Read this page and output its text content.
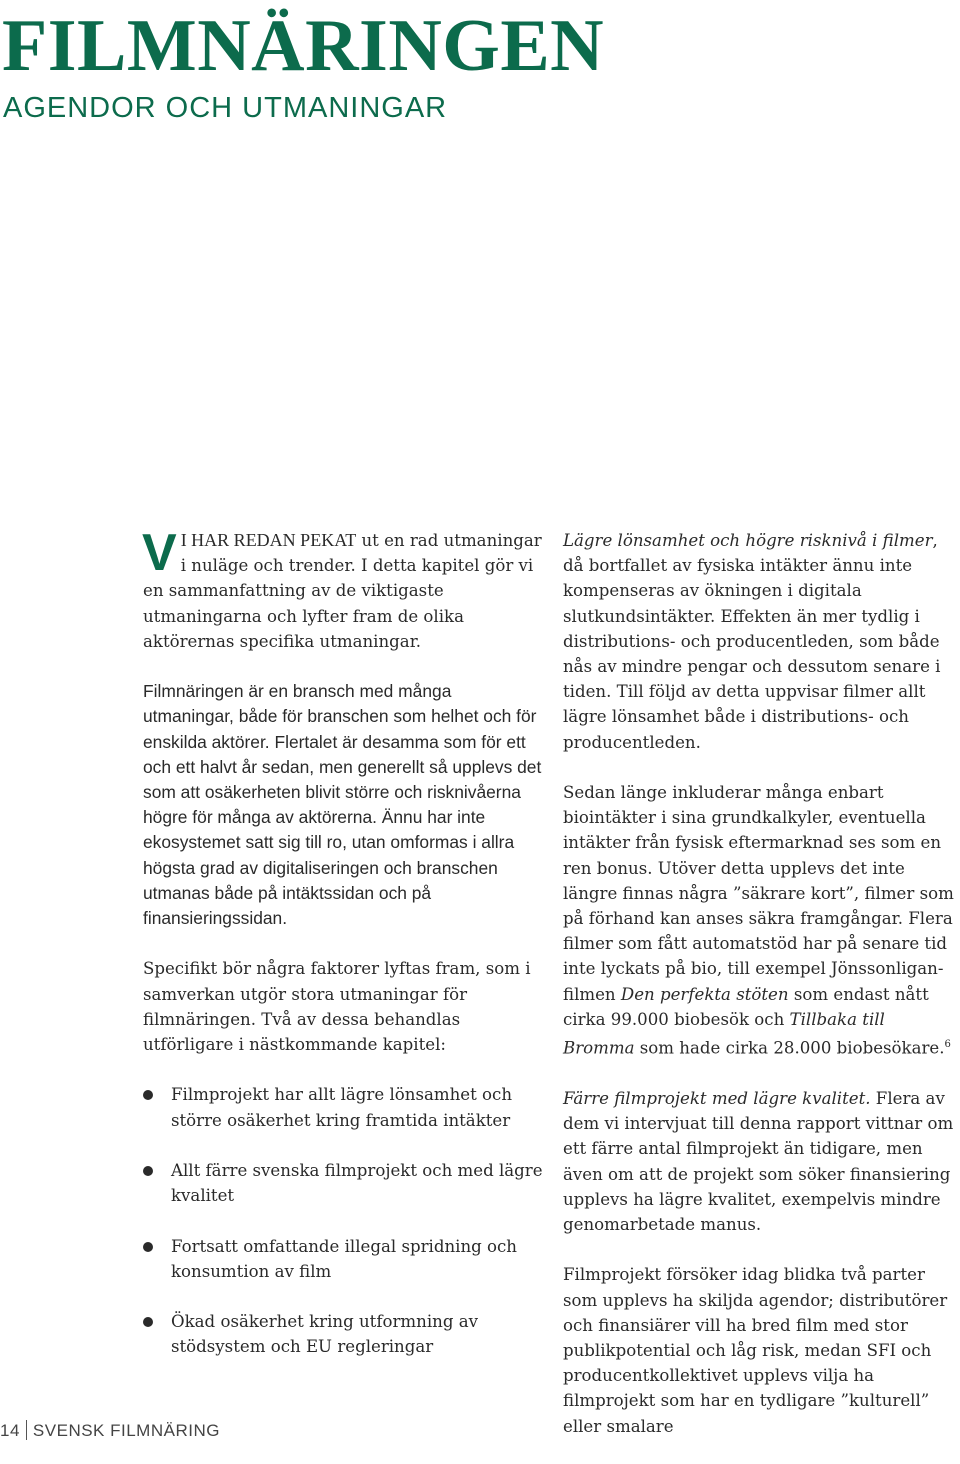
FILMNÄRINGEN
AGENDOR OCH UTMANINGAR

V I HAR REDAN PEKAT ut en rad utmaningar i nuläge och trender. I detta kapitel gör vi en sammanfattning av de viktigaste utmaningarna och lyfter fram de olika aktörernas specifika utmaningar.

Filmnäringen är en bransch med många utmaningar, både för branschen som helhet och för enskilda aktörer. Flertalet är desamma som för ett och ett halvt år sedan, men generellt så upplevs det som att osäkerheten blivit större och risknivåerna högre för många av aktörerna. Ännu har inte ekosystemet satt sig till ro, utan omformas i allra högsta grad av digitaliseringen och branschen utmanas både på intäktssidan och på finansieringssidan.

Specifikt bör några faktorer lyftas fram, som i samverkan utgör stora utmaningar för filmnäringen. Två av dessa behandlas utförligare i nästkommande kapitel:

Filmprojekt har allt lägre lönsamhet och större osäkerhet kring framtida intäkter
Allt färre svenska filmprojekt och med lägre kvalitet
Fortsatt omfattande illegal spridning och konsumtion av film
Ökad osäkerhet kring utformning av stödsystem och EU regleringar

Lägre lönsamhet och högre risknivå i filmer, då bortfallet av fysiska intäkter ännu inte kompenseras av ökningen i digitala slutkundsintäkter. Effekten än mer tydlig i distributions- och producentleden, som både nås av mindre pengar och dessutom senare i tiden. Till följd av detta uppvisar filmer allt lägre lönsamhet både i distributions- och producentleden.

Sedan länge inkluderar många enbart biointäkter i sina grundkalkyler, eventuella intäkter från fysisk eftermarknad ses som en ren bonus. Utöver detta upplevs det inte längre finnas några ”säkrare kort”, filmer som på förhand kan anses säkra framgångar. Flera filmer som fått automatstöd har på senare tid inte lyckats på bio, till exempel Jönssonligan-filmen Den perfekta stöten som endast nått cirka 99.000 biobesök och Tillbaka till Bromma som hade cirka 28.000 biobesökare.$^6$

Färre filmprojekt med lägre kvalitet. Flera av dem vi intervjuat till denna rapport vittnar om ett färre antal filmprojekt än tidigare, men även om att de projekt som söker finansiering upplevs ha lägre kvalitet, exempelvis mindre genomarbetade manus.

Filmprojekt försöker idag blidka två parter som upplevs ha skiljda agendor; distributörer och finansiärer vill ha bred film med stor publikpotential och låg risk, medan SFI och producentkollektivet upplevs vilja ha filmprojekt som har en tydligare ”kulturell” eller smalare

14 SVENSK FILMNÄRING
